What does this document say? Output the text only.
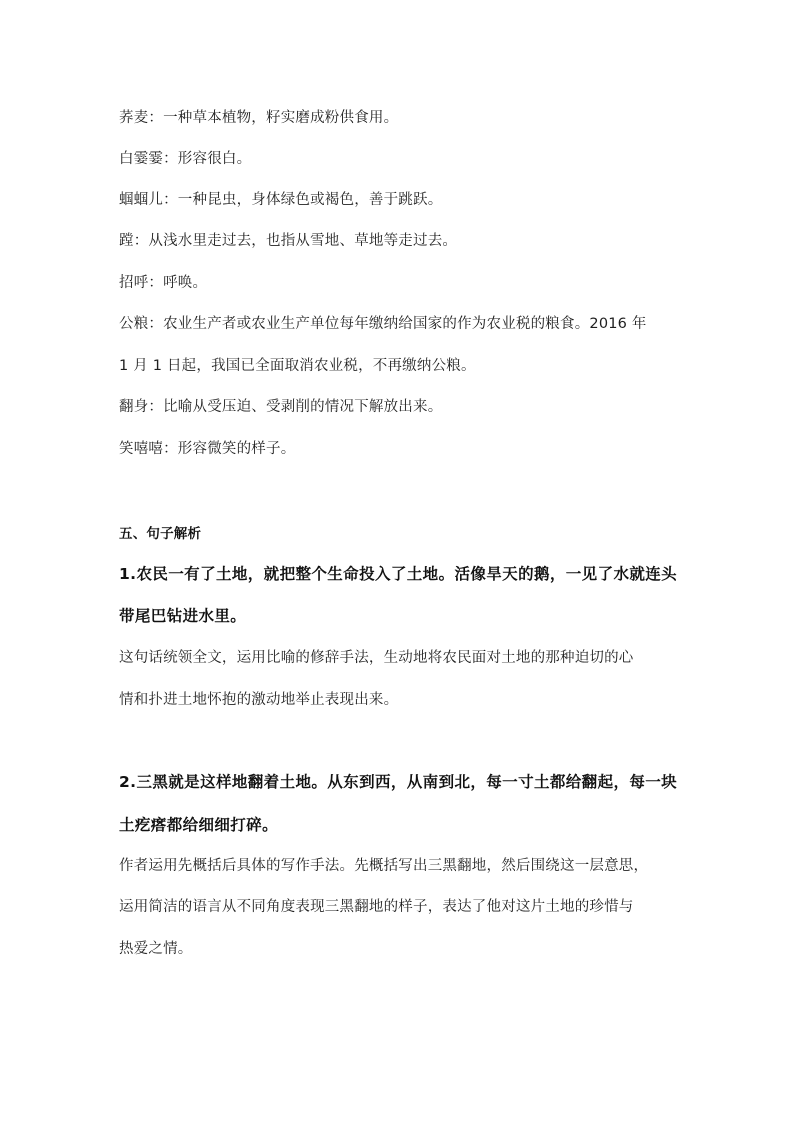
荞麦：一种草本植物，籽实磨成粉供食用。
白霎霎：形容很白。
蝈蝈儿：一种昆虫，身体绿色或褐色，善于跳跃。
蹚：从浅水里走过去，也指从雪地、草地等走过去。
招呼：呼唤。
公粮：农业生产者或农业生产单位每年缴纳给国家的作为农业税的粮食。2016 年
1 月 1 日起，我国已全面取消农业税，不再缴纳公粮。
翻身：比喻从受压迫、受剥削的情况下解放出来。
笑嘻嘻：形容微笑的样子。
五、句子解析
1.农民一有了土地，就把整个生命投入了土地。活像旱天的鹅，一见了水就连头
带尾巴钻进水里。
这句话统领全文，运用比喻的修辞手法，生动地将农民面对土地的那种迫切的心
情和扑进土地怀抱的激动地举止表现出来。
2.三黑就是这样地翻着土地。从东到西，从南到北，每一寸土都给翻起，每一块
土疙瘩都给细细打碎。
作者运用先概括后具体的写作手法。先概括写出三黑翻地，然后围绕这一层意思，
运用简洁的语言从不同角度表现三黑翻地的样子，表达了他对这片土地的珍惜与
热爱之情。
